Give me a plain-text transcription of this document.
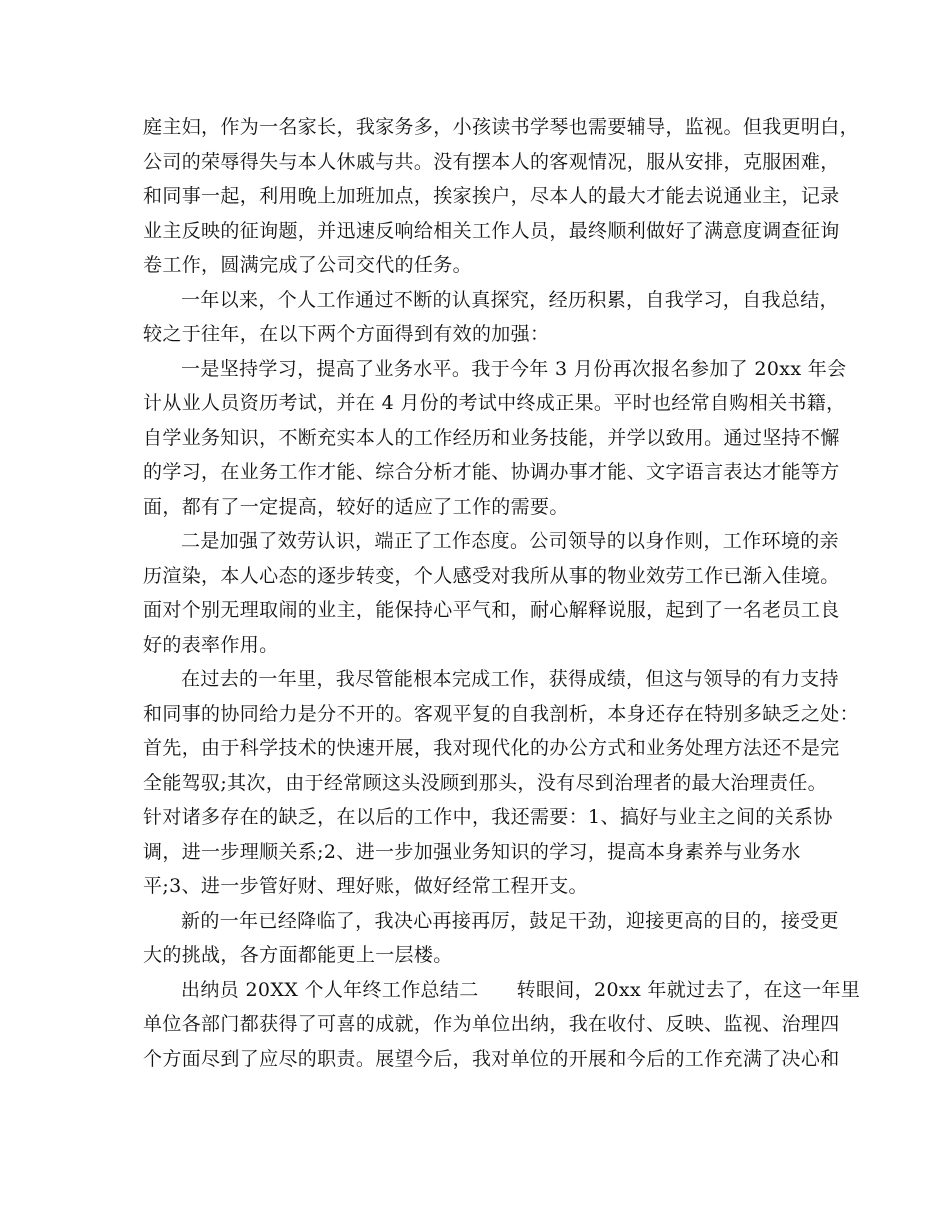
庭主妇，作为一名家长，我家务多，小孩读书学琴也需要辅导，监视。但我更明白，
公司的荣辱得失与本人休戚与共。没有摆本人的客观情况，服从安排，克服困难，
和同事一起，利用晚上加班加点，挨家挨户，尽本人的最大才能去说通业主，记录
业主反映的征询题，并迅速反响给相关工作人员，最终顺利做好了满意度调查征询
卷工作，圆满完成了公司交代的任务。
一年以来，个人工作通过不断的认真探究，经历积累，自我学习，自我总结，
较之于往年，在以下两个方面得到有效的加强：
一是坚持学习，提高了业务水平。我于今年 3 月份再次报名参加了 20xx 年会
计从业人员资历考试，并在 4 月份的考试中终成正果。平时也经常自购相关书籍，
自学业务知识，不断充实本人的工作经历和业务技能，并学以致用。通过坚持不懈
的学习，在业务工作才能、综合分析才能、协调办事才能、文字语言表达才能等方
面，都有了一定提高，较好的适应了工作的需要。
二是加强了效劳认识，端正了工作态度。公司领导的以身作则，工作环境的亲
历渲染，本人心态的逐步转变，个人感受对我所从事的物业效劳工作已渐入佳境。
面对个别无理取闹的业主，能保持心平气和，耐心解释说服，起到了一名老员工良
好的表率作用。
在过去的一年里，我尽管能根本完成工作，获得成绩，但这与领导的有力支持
和同事的协同给力是分不开的。客观平复的自我剖析，本身还存在特别多缺乏之处：
首先，由于科学技术的快速开展，我对现代化的办公方式和业务处理方法还不是完
全能驾驭;其次，由于经常顾这头没顾到那头，没有尽到治理者的最大治理责任。
针对诸多存在的缺乏，在以后的工作中，我还需要：1、搞好与业主之间的关系协
调，进一步理顺关系;2、进一步加强业务知识的学习，提高本身素养与业务水
平;3、进一步管好财、理好账，做好经常工程开支。
新的一年已经降临了，我决心再接再厉，鼓足干劲，迎接更高的目的，接受更
大的挑战，各方面都能更上一层楼。
出纳员 20XX 个人年终工作总结二 转眼间，20xx 年就过去了，在这一年里
单位各部门都获得了可喜的成就，作为单位出纳，我在收付、反映、监视、治理四
个方面尽到了应尽的职责。展望今后，我对单位的开展和今后的工作充满了决心和
